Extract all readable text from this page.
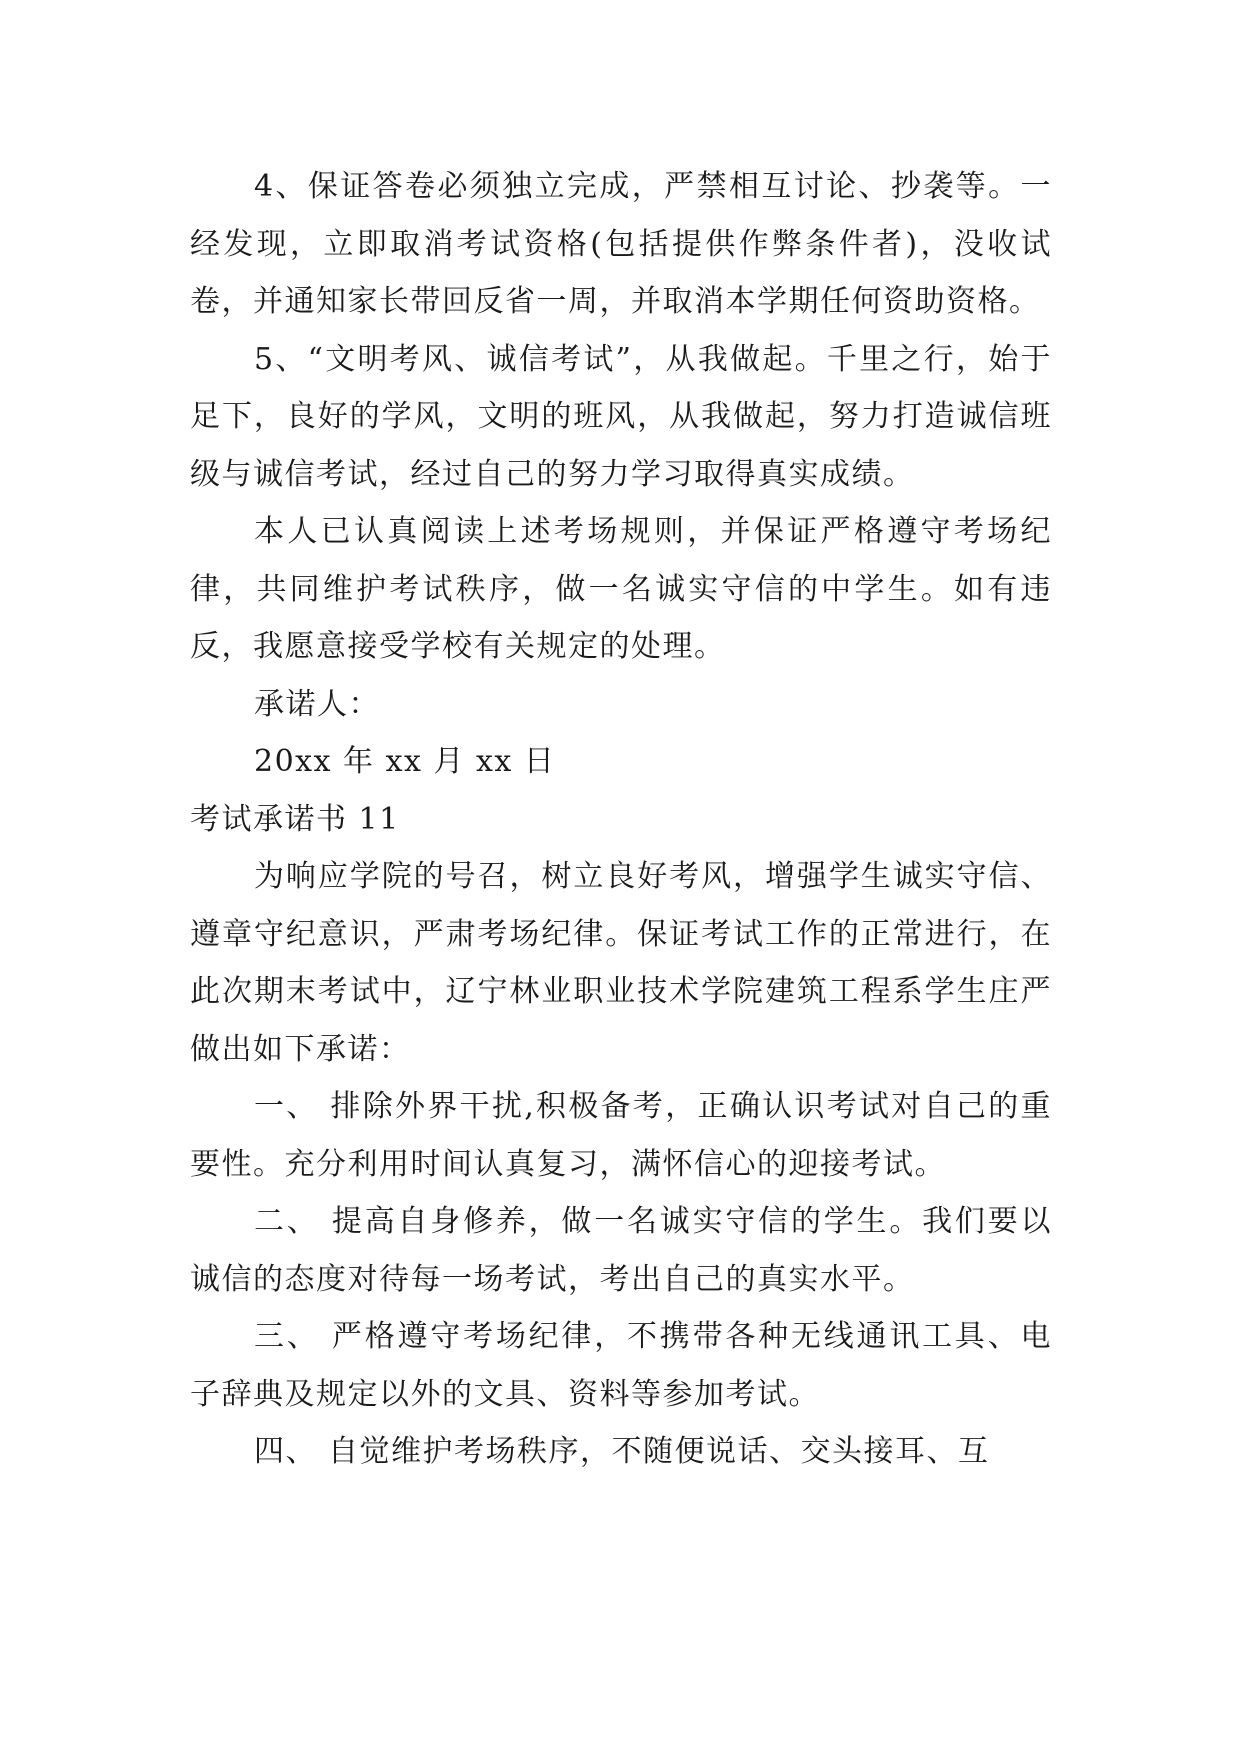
4、保证答卷必须独立完成，严禁相互讨论、抄袭等。一经发现，立即取消考试资格(包括提供作弊条件者)，没收试卷，并通知家长带回反省一周，并取消本学期任何资助资格。

5、“文明考风、诚信考试”，从我做起。千里之行，始于足下，良好的学风，文明的班风，从我做起，努力打造诚信班级与诚信考试，经过自己的努力学习取得真实成绩。

本人已认真阅读上述考场规则，并保证严格遵守考场纪律，共同维护考试秩序，做一名诚实守信的中学生。如有违反，我愿意接受学校有关规定的处理。

承诺人：

20xx 年 xx 月 xx 日

考试承诺书 11

为响应学院的号召，树立良好考风，增强学生诚实守信、遵章守纪意识，严肃考场纪律。保证考试工作的正常进行，在此次期末考试中，辽宁林业职业技术学院建筑工程系学生庄严做出如下承诺：

一、 排除外界干扰,积极备考，正确认识考试对自己的重要性。充分利用时间认真复习，满怀信心的迎接考试。

二、 提高自身修养，做一名诚实守信的学生。我们要以诚信的态度对待每一场考试，考出自己的真实水平。

三、 严格遵守考场纪律，不携带各种无线通讯工具、电子辞典及规定以外的文具、资料等参加考试。

四、 自觉维护考场秩序，不随便说话、交头接耳、互
